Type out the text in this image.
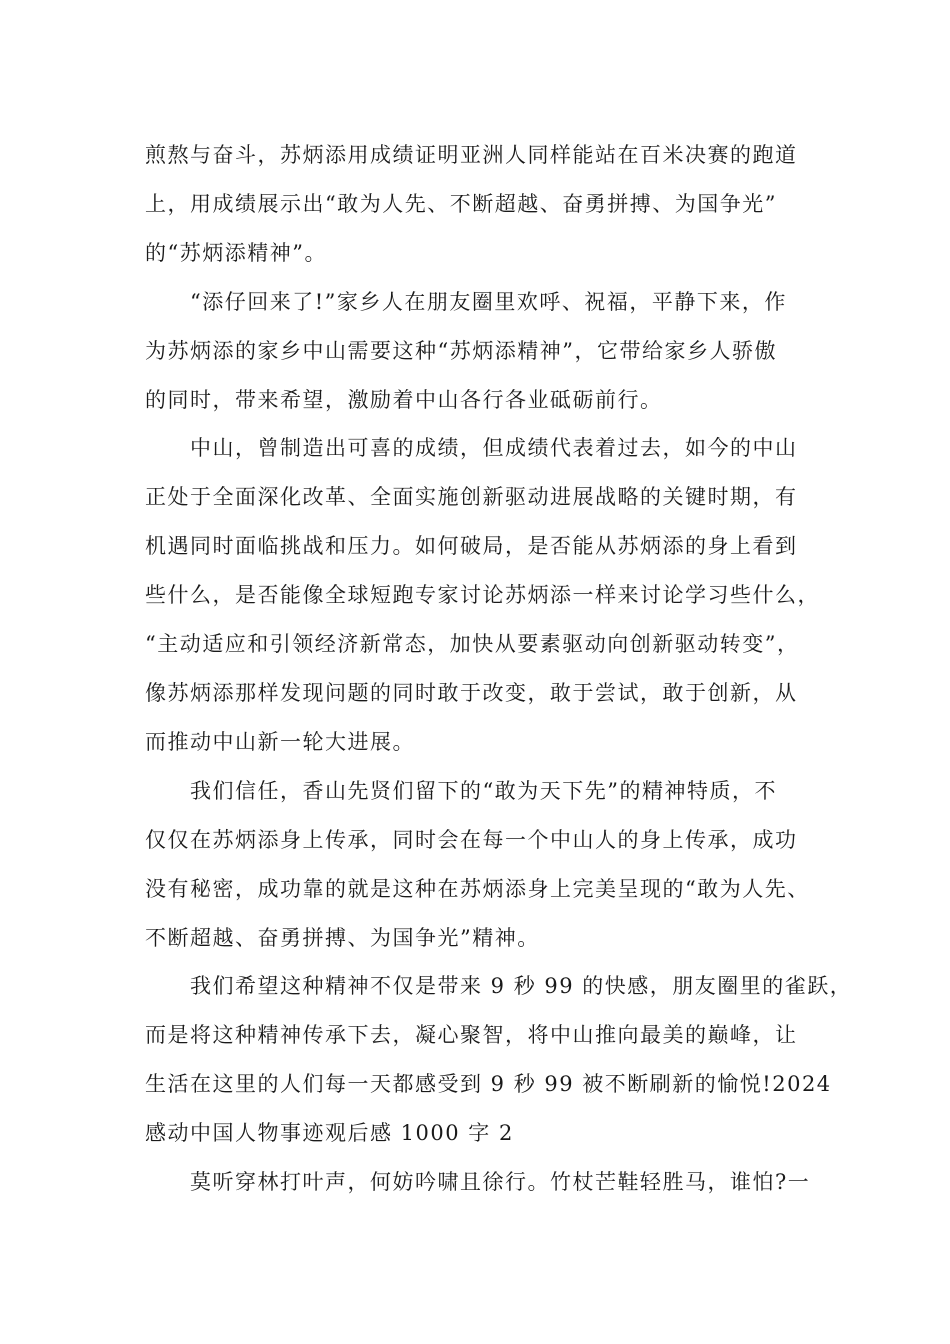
煎熬与奋斗，苏炳添用成绩证明亚洲人同样能站在百米决赛的跑道
上，用成绩展示出“敢为人先、不断超越、奋勇拼搏、为国争光”
的“苏炳添精神”。
“添仔回来了!”家乡人在朋友圈里欢呼、祝福，平静下来，作
为苏炳添的家乡中山需要这种“苏炳添精神”，它带给家乡人骄傲
的同时，带来希望，激励着中山各行各业砥砺前行。
中山，曾制造出可喜的成绩，但成绩代表着过去，如今的中山
正处于全面深化改革、全面实施创新驱动进展战略的关键时期，有
机遇同时面临挑战和压力。如何破局，是否能从苏炳添的身上看到
些什么，是否能像全球短跑专家讨论苏炳添一样来讨论学习些什么，
“主动适应和引领经济新常态，加快从要素驱动向创新驱动转变”，
像苏炳添那样发现问题的同时敢于改变，敢于尝试，敢于创新，从
而推动中山新一轮大进展。
我们信任，香山先贤们留下的“敢为天下先”的精神特质，不
仅仅在苏炳添身上传承，同时会在每一个中山人的身上传承，成功
没有秘密，成功靠的就是这种在苏炳添身上完美呈现的“敢为人先、
不断超越、奋勇拼搏、为国争光”精神。
我们希望这种精神不仅是带来 9 秒 99 的快感，朋友圈里的雀跃，
而是将这种精神传承下去，凝心聚智，将中山推向最美的巅峰，让
生活在这里的人们每一天都感受到 9 秒 99 被不断刷新的愉悦!2024
感动中国人物事迹观后感 1000 字 2
莫听穿林打叶声，何妨吟啸且徐行。竹杖芒鞋轻胜马，谁怕?一
